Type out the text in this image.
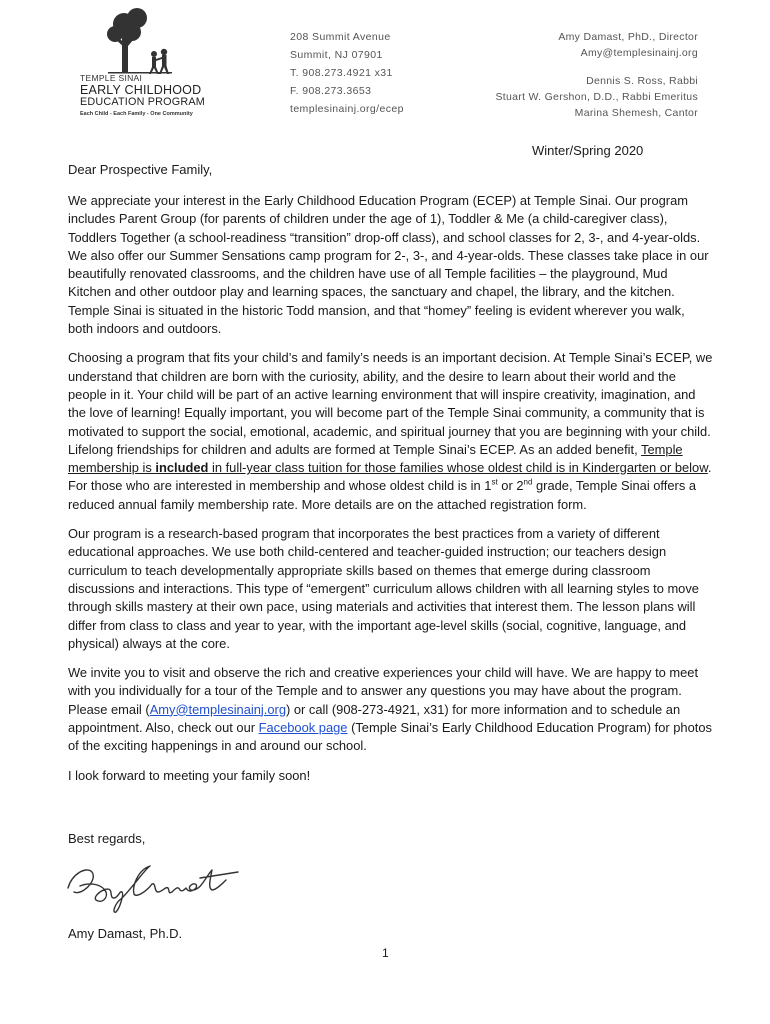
TEMPLE SINAI
EARLY CHILDHOOD
EDUCATION PROGRAM
Each Child - Each Family - One Community
208 Summit Avenue
Summit, NJ 07901
T. 908.273.4921 x31
F. 908.273.3653
templesinainj.org/ecep
Amy Damast, PhD., Director
Amy@templesinainj.org
Dennis S. Ross, Rabbi
Stuart W. Gershon, D.D., Rabbi Emeritus
Marina Shemesh, Cantor
Winter/Spring 2020
Dear Prospective Family,

We appreciate your interest in the Early Childhood Education Program (ECEP) at Temple Sinai. Our program includes Parent Group (for parents of children under the age of 1), Toddler & Me (a child-caregiver class), Toddlers Together (a school-readiness “transition” drop-off class), and school classes for 2, 3-, and 4-year-olds. We also offer our Summer Sensations camp program for 2-, 3-, and 4-year-olds. These classes take place in our beautifully renovated classrooms, and the children have use of all Temple facilities – the playground, Mud Kitchen and other outdoor play and learning spaces, the sanctuary and chapel, the library, and the kitchen. Temple Sinai is situated in the historic Todd mansion, and that “homey” feeling is evident wherever you walk, both indoors and outdoors.

Choosing a program that fits your child’s and family’s needs is an important decision. At Temple Sinai’s ECEP, we understand that children are born with the curiosity, ability, and the desire to learn about their world and the people in it. Your child will be part of an active learning environment that will inspire creativity, imagination, and the love of learning! Equally important, you will become part of the Temple Sinai community, a community that is motivated to support the social, emotional, academic, and spiritual journey that you are beginning with your child. Lifelong friendships for children and adults are formed at Temple Sinai’s ECEP. As an added benefit, Temple membership is included in full-year class tuition for those families whose oldest child is in Kindergarten or below. For those who are interested in membership and whose oldest child is in 1st or 2nd grade, Temple Sinai offers a reduced annual family membership rate. More details are on the attached registration form.

Our program is a research-based program that incorporates the best practices from a variety of different educational approaches. We use both child-centered and teacher-guided instruction; our teachers design curriculum to teach developmentally appropriate skills based on themes that emerge during classroom discussions and interactions. This type of “emergent” curriculum allows children with all learning styles to move through skills mastery at their own pace, using materials and activities that interest them. The lesson plans will differ from class to class and year to year, with the important age-level skills (social, cognitive, language, and physical) always at the core.

We invite you to visit and observe the rich and creative experiences your child will have. We are happy to meet with you individually for a tour of the Temple and to answer any questions you may have about the program. Please email (Amy@templesinainj.org) or call (908-273-4921, x31) for more information and to schedule an appointment. Also, check out our Facebook page (Temple Sinai’s Early Childhood Education Program) for photos of the exciting happenings in and around our school.

I look forward to meeting your family soon!

Best regards,
Amy Damast, Ph.D.
1
